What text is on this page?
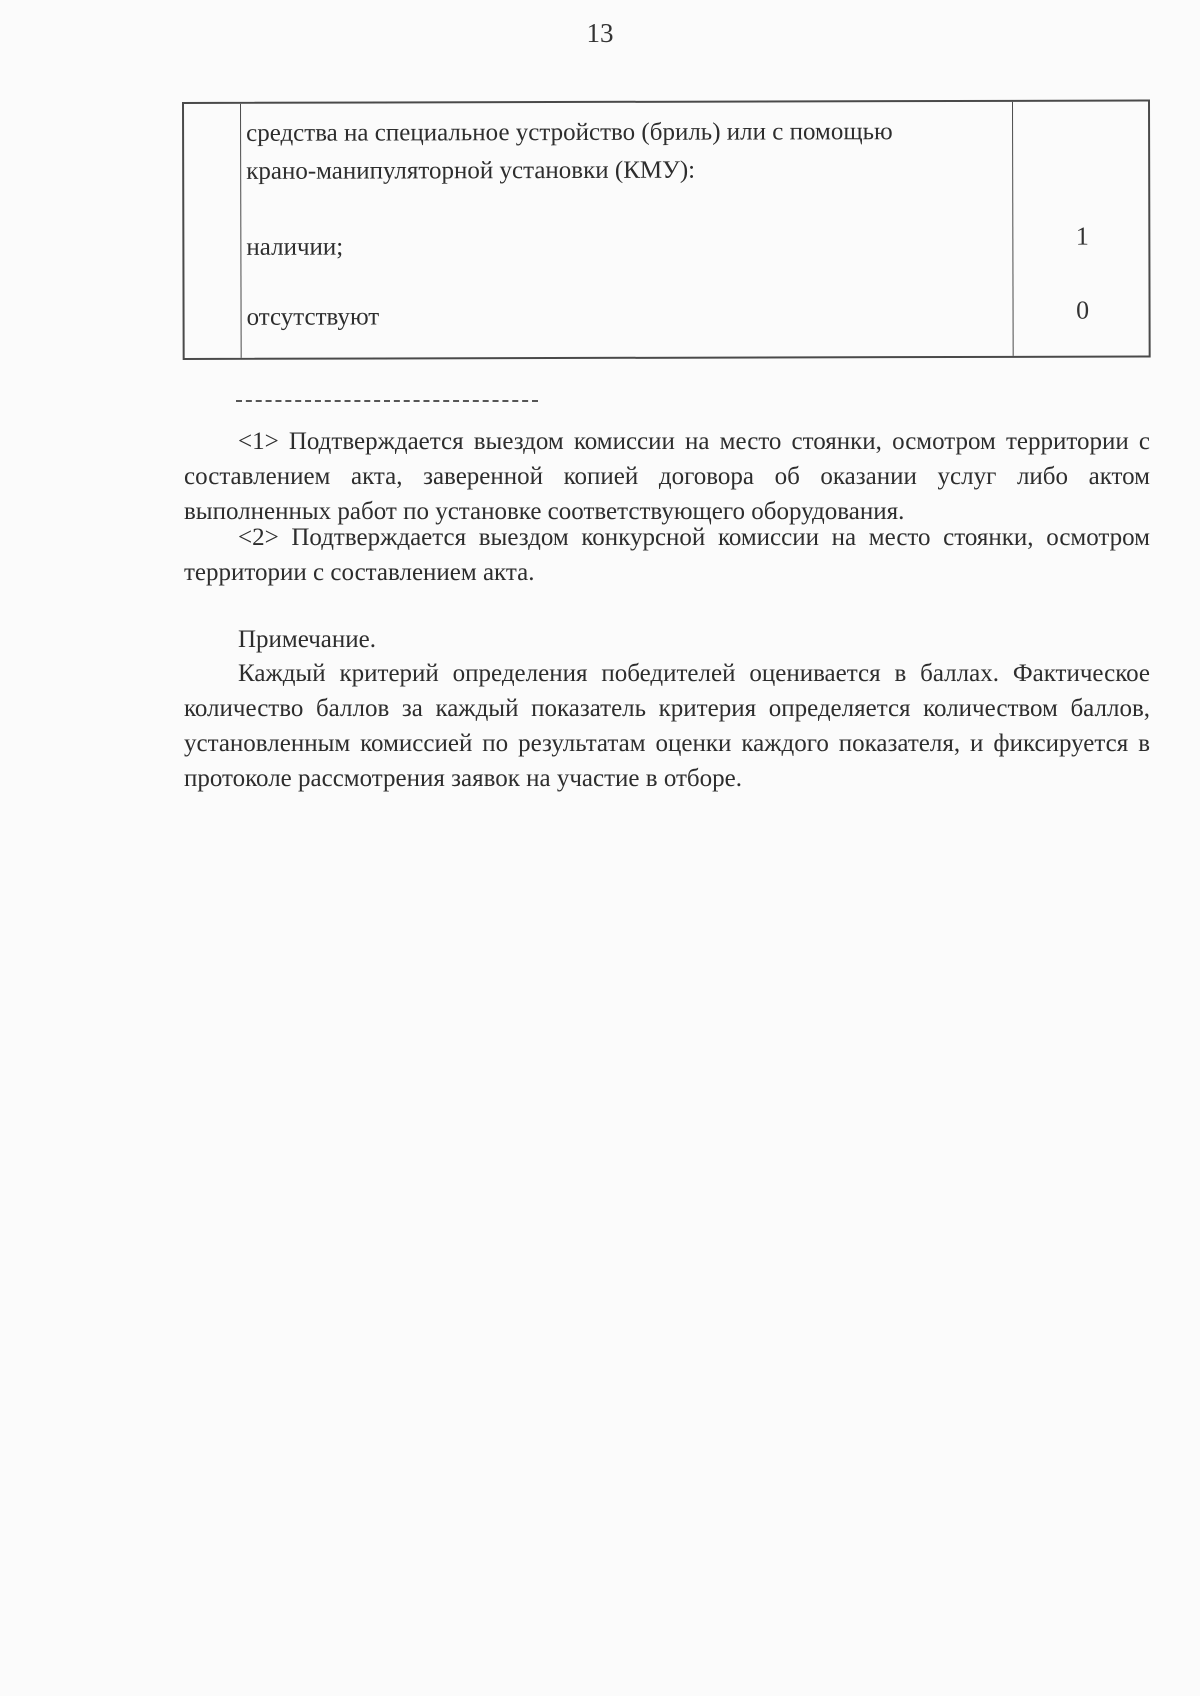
13
средства на специальное устройство (бриль) или с помощью
крано-манипуляторной установки (КМУ):
наличии;	1
отсутствуют	0
<1> Подтверждается выездом комиссии на место стоянки, осмотром территории с составлением акта, заверенной копией договора об оказании услуг либо актом выполненных работ по установке соответствующего оборудования.
<2> Подтверждается выездом конкурсной комиссии на место стоянки, осмотром территории с составлением акта.
Примечание.
Каждый критерий определения победителей оценивается в баллах. Фактическое количество баллов за каждый показатель критерия определяется количеством баллов, установленным комиссией по результатам оценки каждого показателя, и фиксируется в протоколе рассмотрения заявок на участие в отборе.
